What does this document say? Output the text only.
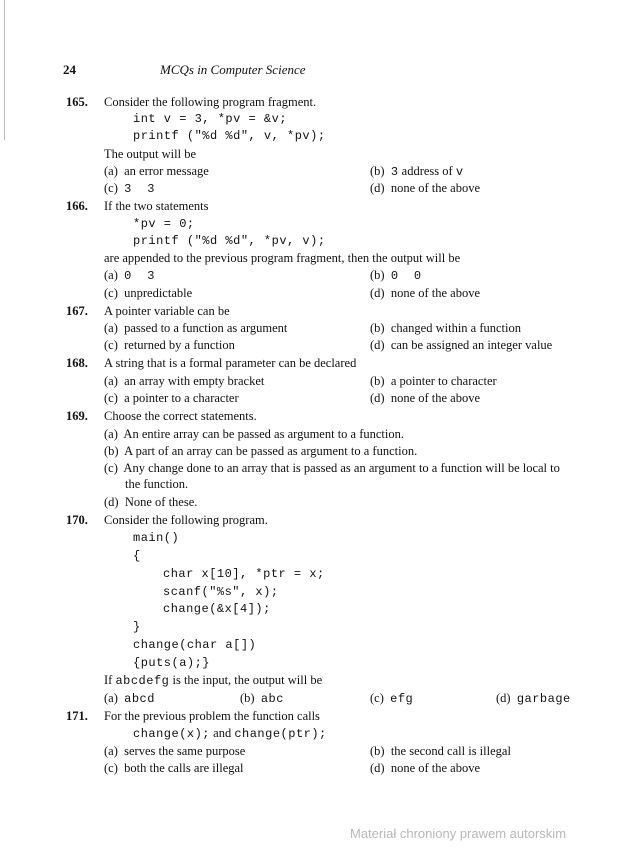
24	MCQs in Computer Science
165. Consider the following program fragment.
int v = 3, *pv = &v;
printf ("%d %d", v, *pv);
The output will be
(a)  an error message	(b)  3 address of v
(c)  3  3	(d)  none of the above
166. If the two statements
*pv = 0;
printf ("%d %d", *pv, v);
are appended to the previous program fragment, then the output will be
(a)  0  3	(b)  0  0
(c)  unpredictable	(d)  none of the above
167. A pointer variable can be
(a)  passed to a function as argument	(b)  changed within a function
(c)  returned by a function	(d)  can be assigned an integer value
168. A string that is a formal parameter can be declared
(a)  an array with empty bracket	(b)  a pointer to character
(c)  a pointer to a character	(d)  none of the above
169. Choose the correct statements.
(a)  An entire array can be passed as argument to a function.
(b)  A part of an array can be passed as argument to a function.
(c)  Any change done to an array that is passed as an argument to a function will be local to
the function.
(d)  None of these.
170. Consider the following program.
main()
{
char x[10], *ptr = x;
scanf("%s", x);
change(&x[4]);
}
change(char a[])
{puts(a);}
If abcdefg is the input, the output will be
(a)  abcd	(b)  abc	(c)  efg	(d)  garbage
171. For the previous problem the function calls
change(x); and change(ptr);
(a)  serves the same purpose	(b)  the second call is illegal
(c)  both the calls are illegal	(d)  none of the above
Materiał chroniony prawem autorskim
